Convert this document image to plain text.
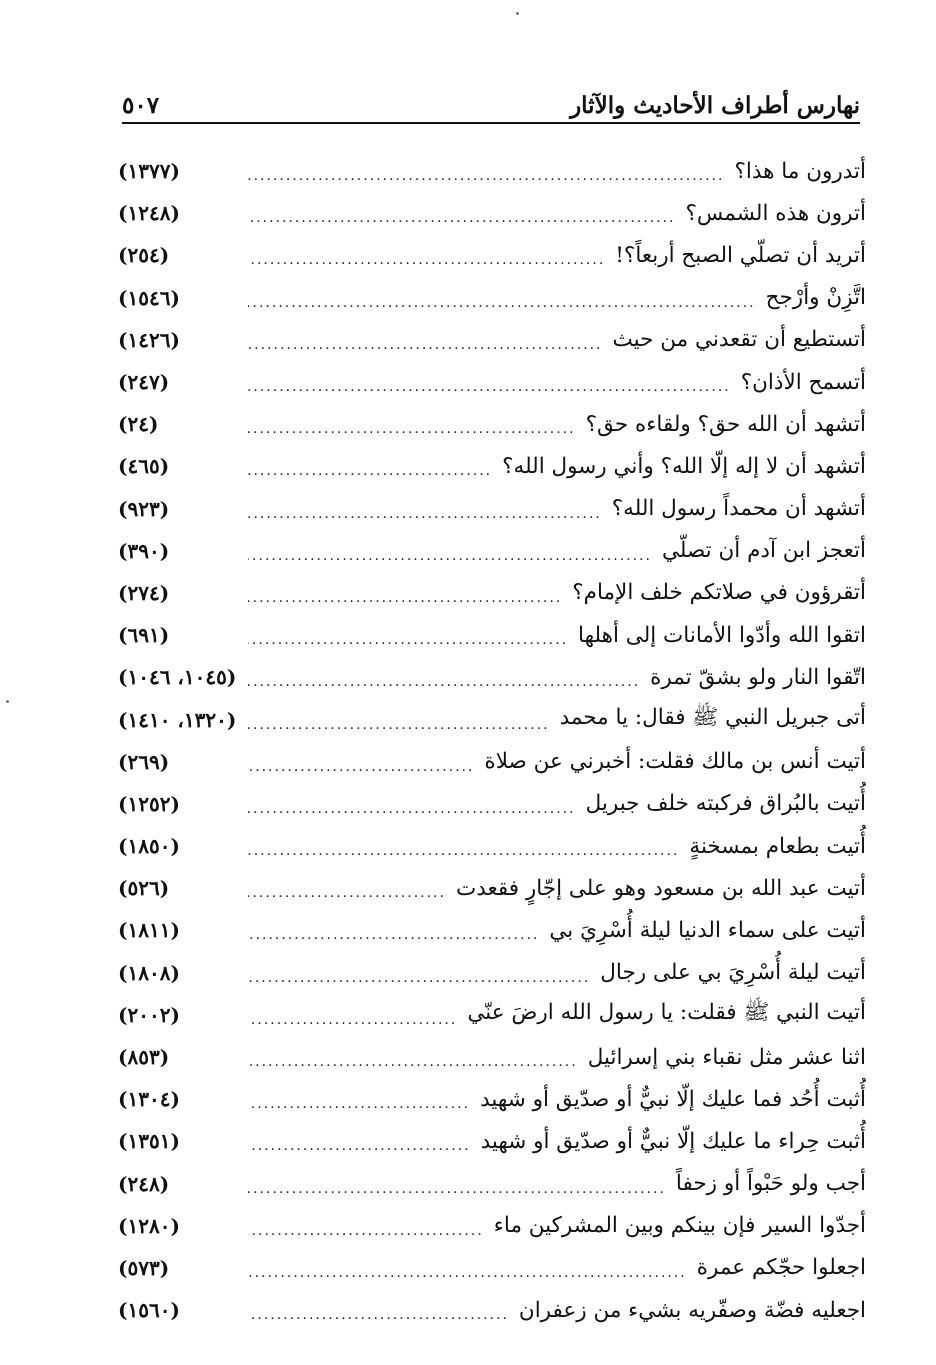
نهارس أطراف الأحاديث والآثار
٥٠٧
أتدرون ما هذا؟
.....
(١٣٧٧)
أترون هذه الشمس؟
.....
(١٢٤٨)
أتريد أن تصلّي الصبح أربعاً؟!
.....
(٢٥٤)
اتَّزِنْ وأرْجح
.....
(١٥٤٦)
أتستطيع أن تقعدني من حيث
.....
(١٤٢٦)
أتسمح الأذان؟
.....
(٢٤٧)
أتشهد أن الله حق؟ ولقاءه حق؟
.....
(٢٤)
أتشهد أن لا إله إلّا الله؟ وأني رسول الله؟
.....
(٤٦٥)
أتشهد أن محمداً رسول الله؟
.....
(٩٢٣)
أتعجز ابن آدم أن تصلّي
.....
(٣٩٠)
أتقرؤون في صلاتكم خلف الإمام؟
.....
(٢٧٤)
اتقوا الله وأدّوا الأمانات إلى أهلها
.....
(٦٩١)
اتّقوا النار ولو بشقّ تمرة
.....
(١٠٤٥، ١٠٤٦)
أتى جبريل النبي ﷺ فقال: يا محمد
.....
(١٣٢٠، ١٤١٠)
أتيت أنس بن مالك فقلت: أخبرني عن صلاة
.....
(٢٦٩)
أُتيت بالبُراق فركبته خلف جبريل
.....
(١٢٥٢)
أُتيت بطعام بمسخنةٍ
.....
(١٨٥٠)
أتيت عبد الله بن مسعود وهو على إجّارٍ فقعدت
.....
(٥٢٦)
أتيت على سماء الدنيا ليلة أُسْرِيَ بي
.....
(١٨١١)
أتيت ليلة أُسْرِيَ بي على رجال
.....
(١٨٠٨)
أتيت النبي ﷺ فقلت: يا رسول الله ارضَ عنّي
.....
(٢٠٠٢)
اثنا عشر مثل نقباء بني إسرائيل
.....
(٨٥٣)
أُثبت أُحُد فما عليك إلّا نبيٌّ أو صدّيق أو شهيد
.....
(١٣٠٤)
أُثبت حِراء ما عليك إلّا نبيٌّ أو صدّيق أو شهيد
.....
(١٣٥١)
أجب ولو حَبْواً أو زحفاً
.....
(٢٤٨)
أجدّوا السير فإن بينكم وبين المشركين ماء
.....
(١٢٨٠)
اجعلوا حجّكم عمرة
.....
(٥٧٣)
اجعليه فضّة وصفّريه بشيء من زعفران
.....
(١٥٦٠)
